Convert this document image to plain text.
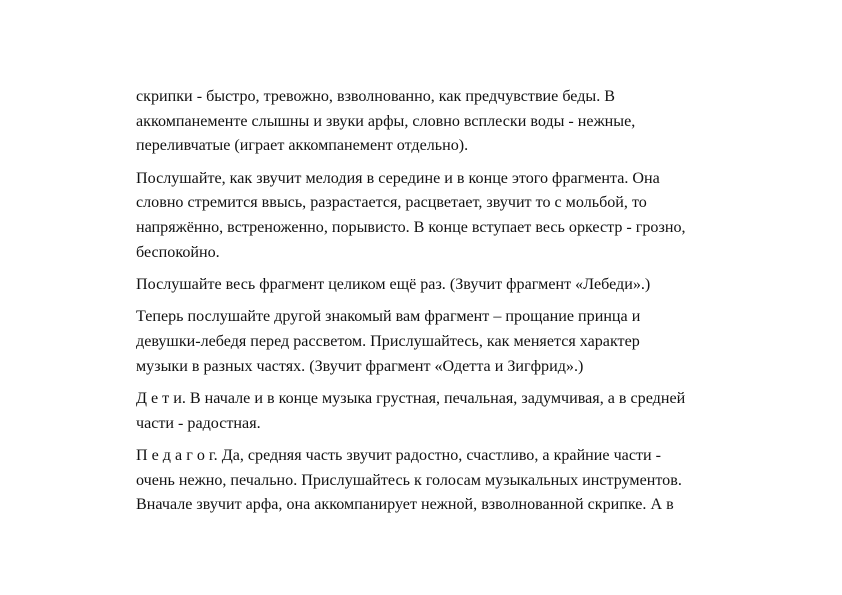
скрипки - быстро, тревожно, взволнованно, как предчувствие беды. В
аккомпанементе слышны и звуки арфы, словно всплески воды - нежные,
переливчатые (играет аккомпанемент отдельно).
Послушайте, как звучит мелодия в середине и в конце этого фрагмента. Она
словно стремится ввысь, разрастается, расцветает, звучит то с мольбой, то
напряжённо, встреноженно, порывисто. В конце вступает весь оркестр - грозно,
беспокойно.
Послушайте весь фрагмент целиком ещё раз. (Звучит фрагмент «Лебеди».)
Теперь послушайте другой знакомый вам фрагмент – прощание принца и
девушки-лебедя перед рассветом. Прислушайтесь, как меняется характер
музыки в разных частях. (Звучит фрагмент «Одетта и Зигфрид».)
Д е т и. В начале и в конце музыка грустная, печальная, задумчивая, а в средней
части - радостная.
П е д а г о г. Да, средняя часть звучит радостно, счастливо, а крайние части -
очень нежно, печально. Прислушайтесь к голосам музыкальных инструментов.
Вначале звучит арфа, она аккомпанирует нежной, взволнованной скрипке. А в
